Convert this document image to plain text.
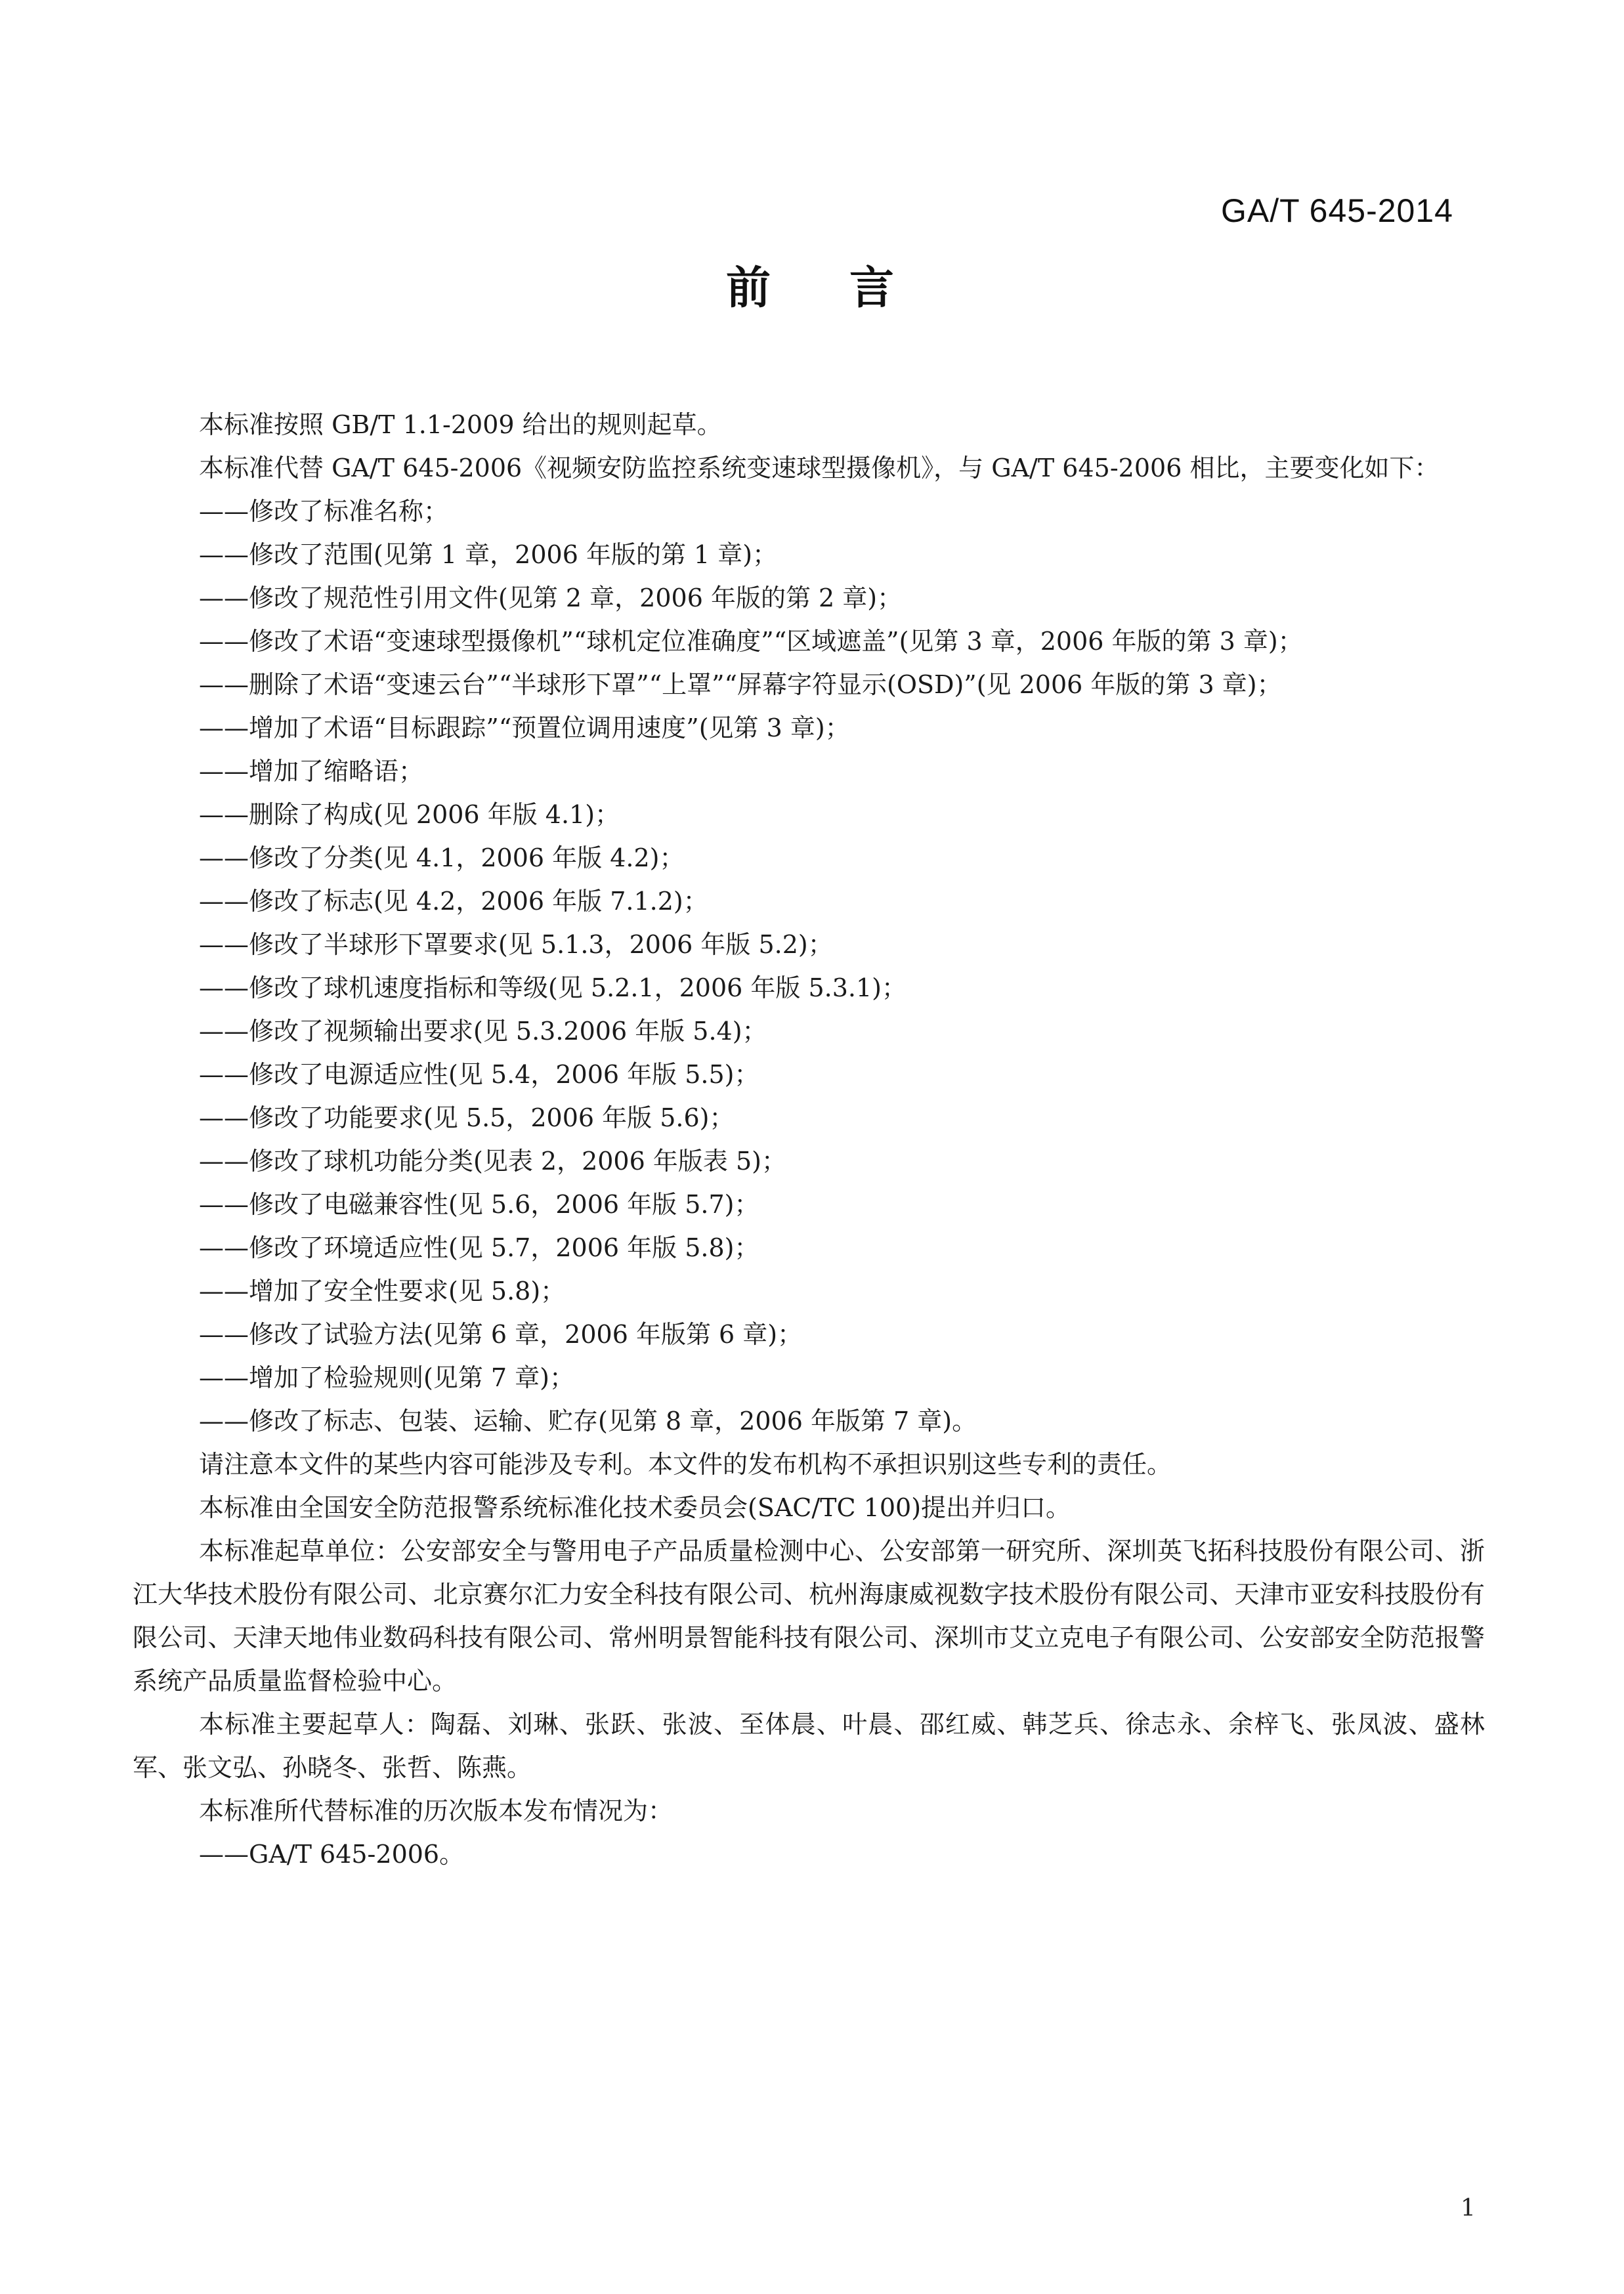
GA/T 645-2014
前言

本标准按照 GB/T 1.1-2009 给出的规则起草。

本标准代替 GA/T 645-2006《视频安防监控系统变速球型摄像机》，与 GA/T 645-2006 相比，主要变化如下：

——修改了标准名称；

——修改了范围(见第 1 章，2006 年版的第 1 章)；

——修改了规范性引用文件(见第 2 章，2006 年版的第 2 章)；

——修改了术语“变速球型摄像机”“球机定位准确度”“区域遮盖”(见第 3 章，2006 年版的第 3 章)；

——删除了术语“变速云台”“半球形下罩”“上罩”“屏幕字符显示(OSD)”(见 2006 年版的第 3 章)；

——增加了术语“目标跟踪”“预置位调用速度”(见第 3 章)；

——增加了缩略语；

——删除了构成(见 2006 年版 4.1)；

——修改了分类(见 4.1，2006 年版 4.2)；

——修改了标志(见 4.2，2006 年版 7.1.2)；

——修改了半球形下罩要求(见 5.1.3，2006 年版 5.2)；

——修改了球机速度指标和等级(见 5.2.1，2006 年版 5.3.1)；

——修改了视频输出要求(见 5.3.2006 年版 5.4)；

——修改了电源适应性(见 5.4，2006 年版 5.5)；

——修改了功能要求(见 5.5，2006 年版 5.6)；

——修改了球机功能分类(见表 2，2006 年版表 5)；

——修改了电磁兼容性(见 5.6，2006 年版 5.7)；

——修改了环境适应性(见 5.7，2006 年版 5.8)；

——增加了安全性要求(见 5.8)；

——修改了试验方法(见第 6 章，2006 年版第 6 章)；

——增加了检验规则(见第 7 章)；

——修改了标志、包装、运输、贮存(见第 8 章，2006 年版第 7 章)。

请注意本文件的某些内容可能涉及专利。本文件的发布机构不承担识别这些专利的责任。

本标准由全国安全防范报警系统标准化技术委员会(SAC/TC 100)提出并归口。

本标准起草单位：公安部安全与警用电子产品质量检测中心、公安部第一研究所、深圳英飞拓科技股份有限公司、浙江大华技术股份有限公司、北京赛尔汇力安全科技有限公司、杭州海康威视数字技术股份有限公司、天津市亚安科技股份有限公司、天津天地伟业数码科技有限公司、常州明景智能科技有限公司、深圳市艾立克电子有限公司、公安部安全防范报警系统产品质量监督检验中心。

本标准主要起草人：陶磊、刘琳、张跃、张波、至体晨、叶晨、邵红威、韩芝兵、徐志永、余梓飞、张凤波、盛林军、张文弘、孙晓冬、张哲、陈燕。

本标准所代替标准的历次版本发布情况为：

——GA/T 645-2006。

1
